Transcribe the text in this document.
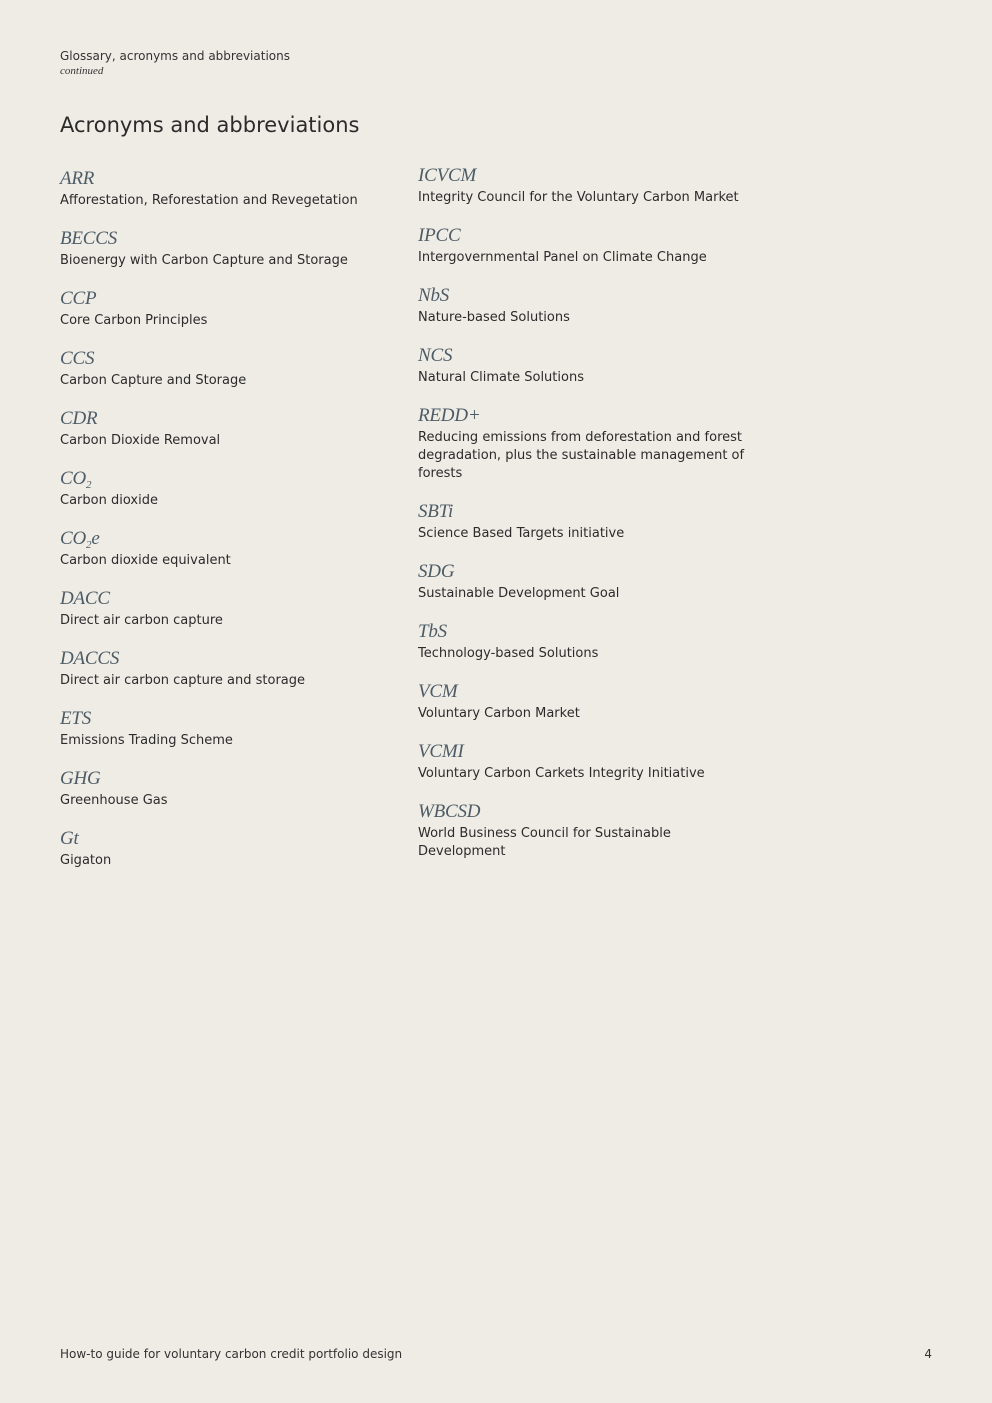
Glossary, acronyms and abbreviations
continued
Acronyms and abbreviations
ARR
Afforestation, Reforestation and Revegetation
BECCS
Bioenergy with Carbon Capture and Storage
CCP
Core Carbon Principles
CCS
Carbon Capture and Storage
CDR
Carbon Dioxide Removal
$CO_2$
Carbon dioxide
$CO_2e$
Carbon dioxide equivalent
DACC
Direct air carbon capture
DACCS
Direct air carbon capture and storage
ETS
Emissions Trading Scheme
GHG
Greenhouse Gas
Gt
Gigaton
ICVCM
Integrity Council for the Voluntary Carbon Market
IPCC
Intergovernmental Panel on Climate Change
NbS
Nature-based Solutions
NCS
Natural Climate Solutions
REDD+
Reducing emissions from deforestation and forest degradation, plus the sustainable management of forests
SBTi
Science Based Targets initiative
SDG
Sustainable Development Goal
TbS
Technology-based Solutions
VCM
Voluntary Carbon Market
VCMI
Voluntary Carbon Carkets Integrity Initiative
WBCSD
World Business Council for Sustainable Development
How-to guide for voluntary carbon credit portfolio design	4
